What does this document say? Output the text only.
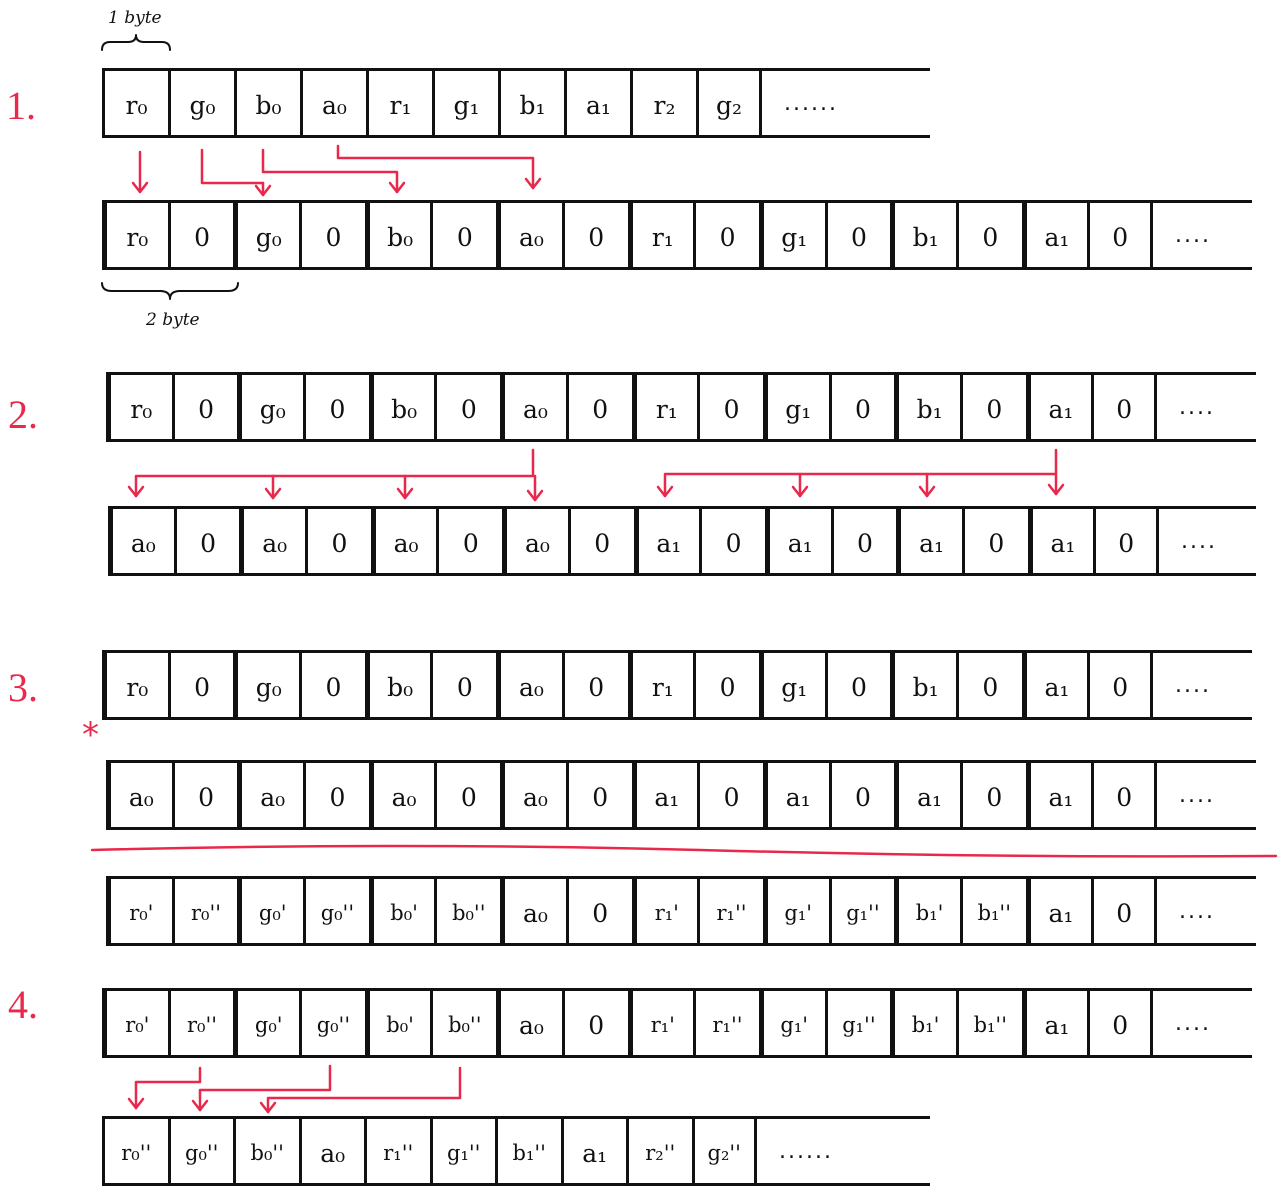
1.
2.
3.
4.
*
1 byte
2 byte
r₀ g₀ b₀ a₀ r₁ g₁ b₁ a₁ r₂ g₂	......
r₀ 0 g₀ 0 b₀ 0 a₀ 0 r₁ 0 g₁ 0 b₁ 0 a₁ 0	....
r₀ 0 g₀ 0 b₀ 0 a₀ 0 r₁ 0 g₁ 0 b₁ 0 a₁ 0	....
a₀ 0 a₀ 0 a₀ 0 a₀ 0 a₁ 0 a₁ 0 a₁ 0 a₁ 0	....
r₀ 0 g₀ 0 b₀ 0 a₀ 0 r₁ 0 g₁ 0 b₁ 0 a₁ 0	....
a₀ 0 a₀ 0 a₀ 0 a₀ 0 a₁ 0 a₁ 0 a₁ 0 a₁ 0	....
r₀' r₀'' g₀' g₀'' b₀' b₀'' a₀ 0 r₁' r₁'' g₁' g₁'' b₁' b₁'' a₁ 0	....
r₀' r₀'' g₀' g₀'' b₀' b₀'' a₀ 0 r₁' r₁'' g₁' g₁'' b₁' b₁'' a₁ 0	....
r₀'' g₀'' b₀'' a₀ r₁'' g₁'' b₁'' a₁ r₂'' g₂''	......
